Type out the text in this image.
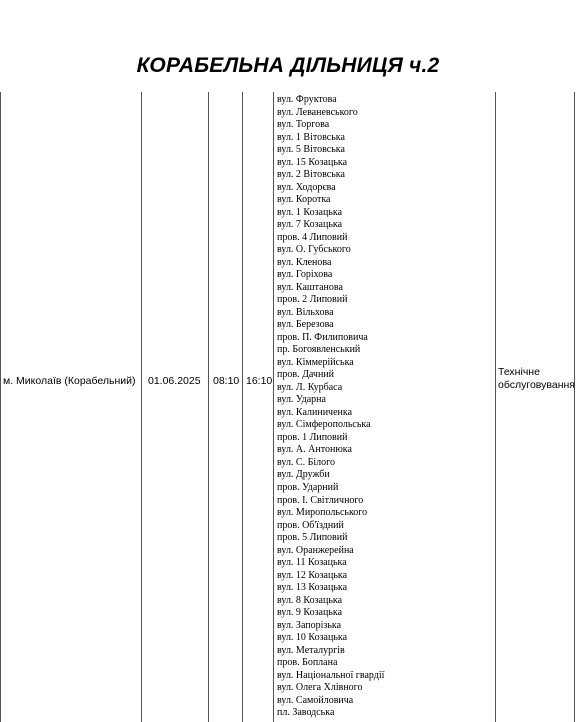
КОРАБЕЛЬНА ДІЛЬНИЦЯ ч.2
м. Миколаїв (Корабельний) 01.06.2025 08:10 16:10
Технічне
обслуговування
вул. Фруктова
вул. Леваневського
вул. Торгова
вул. 1 Вітовська
вул. 5 Вітовська
вул. 15 Козацька
вул. 2 Вітовська
вул. Ходорєва
вул. Коротка
вул. 1 Козацька
вул. 7 Козацька
пров. 4 Липовий
вул. О. Губського
вул. Кленова
вул. Горіхова
вул. Каштанова
пров. 2 Липовий
вул. Вільхова
вул. Березова
пров. П. Филиповича
пр. Богоявленський
вул. Кіммерійська
пров. Дачний
вул. Л. Курбаса
вул. Ударна
вул. Калиниченка
вул. Сімферопольська
пров. 1 Липовий
вул. А. Антонюка
вул. С. Білого
вул. Дружби
пров. Ударний
пров. І. Світличного
вул. Миропольського
пров. Об'їздний
пров. 5 Липовий
вул. Оранжерейна
вул. 11 Козацька
вул. 12 Козацька
вул. 13 Козацька
вул. 8 Козацька
вул. 9 Козацька
вул. Запорізька
вул. 10 Козацька
вул. Металургів
пров. Боплана
вул. Національної гвардії
вул. Олега Хлівного
вул. Самойловича
пл. Заводська
